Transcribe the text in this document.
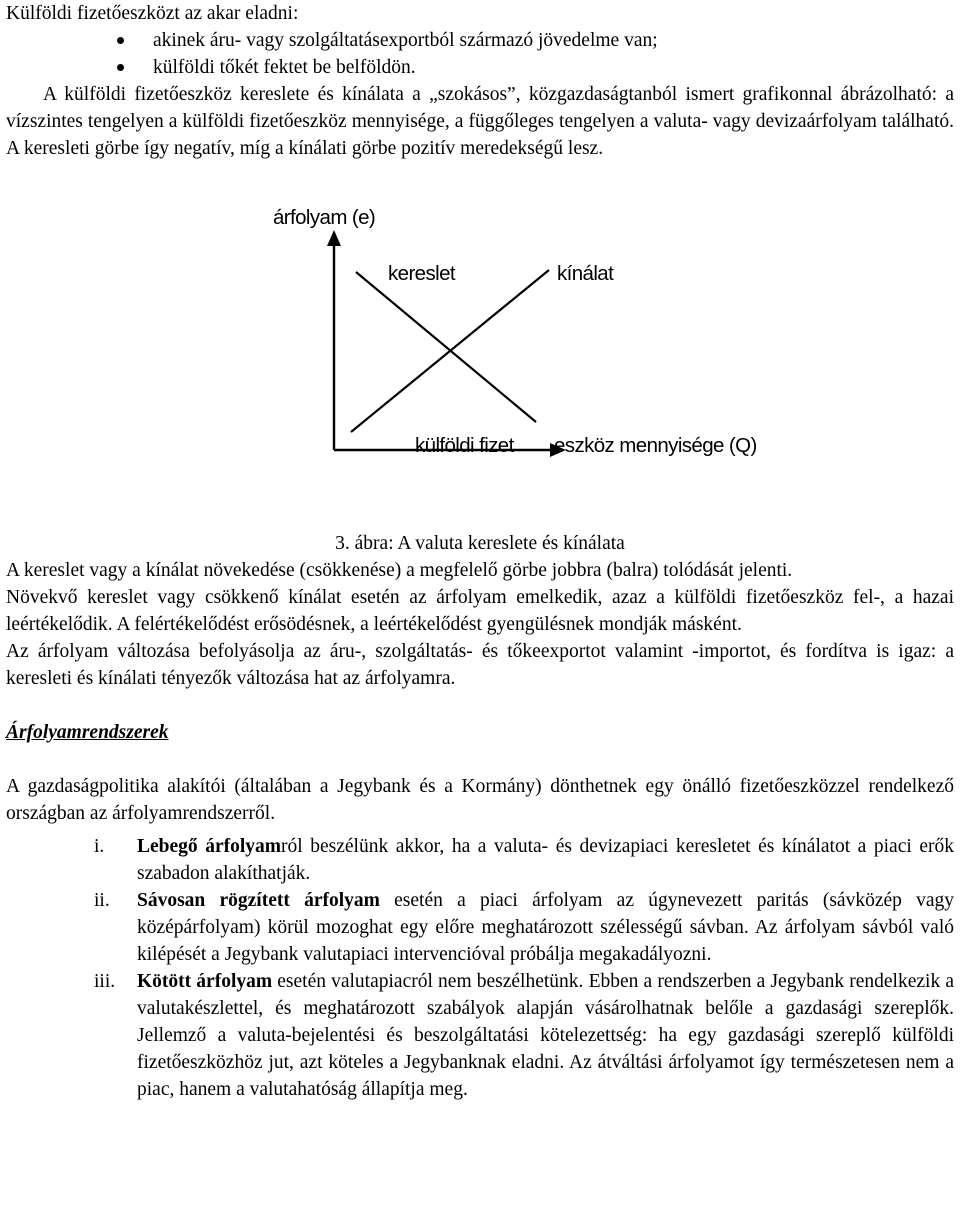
Külföldi fizetőeszközt az akar eladni:

akinek áru- vagy szolgáltatásexportból származó jövedelme van;
külföldi tőkét fektet be belföldön.

A külföldi fizetőeszköz kereslete és kínálata a „szokásos”, közgazdaságtanból ismert grafikonnal ábrázolható: a vízszintes tengelyen a külföldi fizetőeszköz mennyisége, a függőleges tengelyen a valuta- vagy devizaárfolyam található. A keresleti görbe így negatív, míg a kínálati görbe pozitív meredekségű lesz.

árfolyam (e)
kereslet	kínálat
külföldi fizet eszköz mennyisége (Q)

3. ábra: A valuta kereslete és kínálata

A kereslet vagy a kínálat növekedése (csökkenése) a megfelelő görbe jobbra (balra) tolódását jelenti.

Növekvő kereslet vagy csökkenő kínálat esetén az árfolyam emelkedik, azaz a külföldi fizetőeszköz fel-, a hazai leértékelődik. A felértékelődést erősödésnek, a leértékelődést gyengülésnek mondják másként.

Az árfolyam változása befolyásolja az áru-, szolgáltatás- és tőkeexportot valamint -importot, és fordítva is igaz: a keresleti és kínálati tényezők változása hat az árfolyamra.

Árfolyamrendszerek

A gazdaságpolitika alakítói (általában a Jegybank és a Kormány) dönthetnek egy önálló fizetőeszközzel rendelkező országban az árfolyamrendszerről.

i. Lebegő árfolyamról beszélünk akkor, ha a valuta- és devizapiaci keresletet és kínálatot a piaci erők szabadon alakíthatják.
ii. Sávosan rögzített árfolyam esetén a piaci árfolyam az úgynevezett paritás (sávközép vagy középárfolyam) körül mozoghat egy előre meghatározott szélességű sávban. Az árfolyam sávból való kilépését a Jegybank valutapiaci intervencióval próbálja megakadályozni.
iii. Kötött árfolyam esetén valutapiacról nem beszélhetünk. Ebben a rendszerben a Jegybank rendelkezik a valutakészlettel, és meghatározott szabályok alapján vásárolhatnak belőle a gazdasági szereplők. Jellemző a valuta-bejelentési és beszolgáltatási kötelezettség: ha egy gazdasági szereplő külföldi fizetőeszközhöz jut, azt köteles a Jegybanknak eladni. Az átváltási árfolyamot így természetesen nem a piac, hanem a valutahatóság állapítja meg.
